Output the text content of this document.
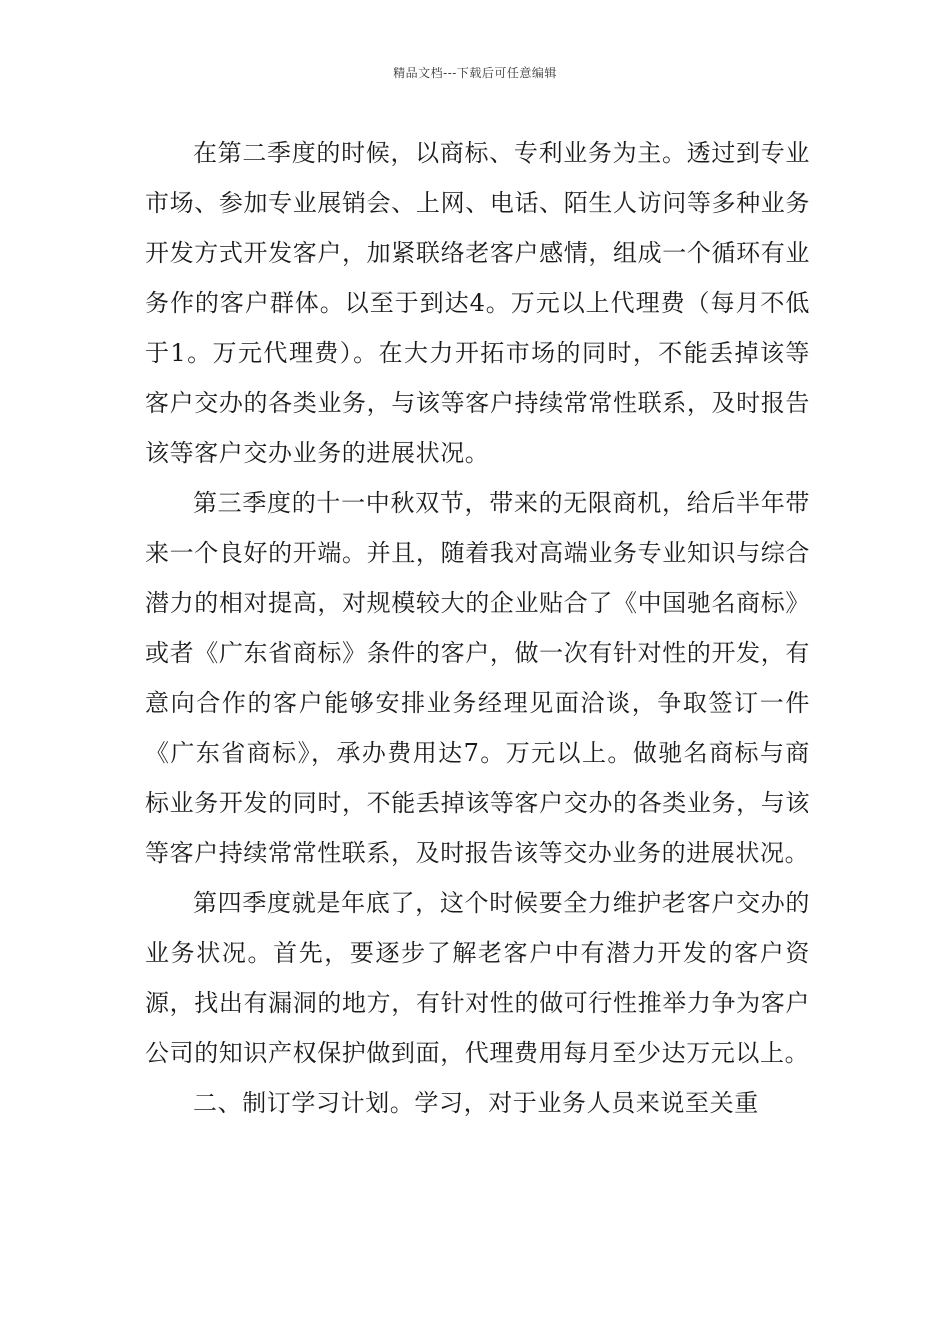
精品文档---下载后可任意编辑

在第二季度的时候，以商标、专利业务为主。透过到专业市场、参加专业展销会、上网、电话、陌生人访问等多种业务开发方式开发客户，加紧联络老客户感情，组成一个循环有业务作的客户群体。以至于到达4。万元以上代理费（每月不低于1。万元代理费）。在大力开拓市场的同时，不能丢掉该等客户交办的各类业务，与该等客户持续常常性联系，及时报告该等客户交办业务的进展状况。

第三季度的十一中秋双节，带来的无限商机，给后半年带来一个良好的开端。并且，随着我对高端业务专业知识与综合潜力的相对提高，对规模较大的企业贴合了《中国驰名商标》或者《广东省商标》条件的客户，做一次有针对性的开发，有意向合作的客户能够安排业务经理见面洽谈，争取签订一件《广东省商标》，承办费用达7。万元以上。做驰名商标与商标业务开发的同时，不能丢掉该等客户交办的各类业务，与该等客户持续常常性联系，及时报告该等交办业务的进展状况。

第四季度就是年底了，这个时候要全力维护老客户交办的业务状况。首先，要逐步了解老客户中有潜力开发的客户资源，找出有漏洞的地方，有针对性的做可行性推举力争为客户公司的知识产权保护做到面，代理费用每月至少达万元以上。

二、制订学习计划。学习，对于业务人员来说至关重
